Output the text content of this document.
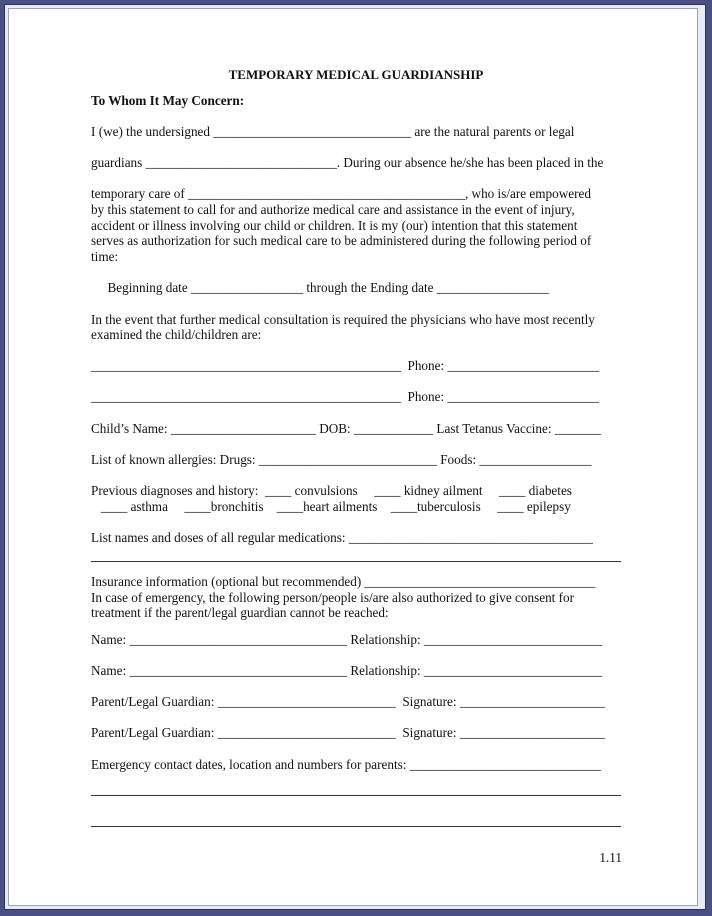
TEMPORARY MEDICAL GUARDIANSHIP
To Whom It May Concern:
I (we) the undersigned ______________________________ are the natural parents or legal
guardians _____________________________. During our absence he/she has been placed in the
temporary care of __________________________________________, who is/are empowered
by this statement to call for and authorize medical care and assistance in the event of injury,
accident or illness involving our child or children. It is my (our) intention that this statement
serves as authorization for such medical care to be administered during the following period of
time:
Beginning date _________________ through the Ending date _________________
In the event that further medical consultation is required the physicians who have most recently
examined the child/children are:
_______________________________________________  Phone: _______________________
_______________________________________________  Phone: _______________________
Child’s Name: ______________________ DOB: ____________ Last Tetanus Vaccine: _______
List of known allergies: Drugs: ___________________________ Foods: _________________
Previous diagnoses and history:  ____ convulsions     ____ kidney ailment     ____ diabetes
____ asthma     ____bronchitis    ____heart ailments    ____tuberculosis     ____ epilepsy
List names and doses of all regular medications: _____________________________________
Insurance information (optional but recommended) ___________________________________
In case of emergency, the following person/people is/are also authorized to give consent for
treatment if the parent/legal guardian cannot be reached:
Name: _________________________________ Relationship: ___________________________
Name: _________________________________ Relationship: ___________________________
Parent/Legal Guardian: ___________________________  Signature: ______________________
Parent/Legal Guardian: ___________________________  Signature: ______________________
Emergency contact dates, location and numbers for parents: _____________________________
1.11
